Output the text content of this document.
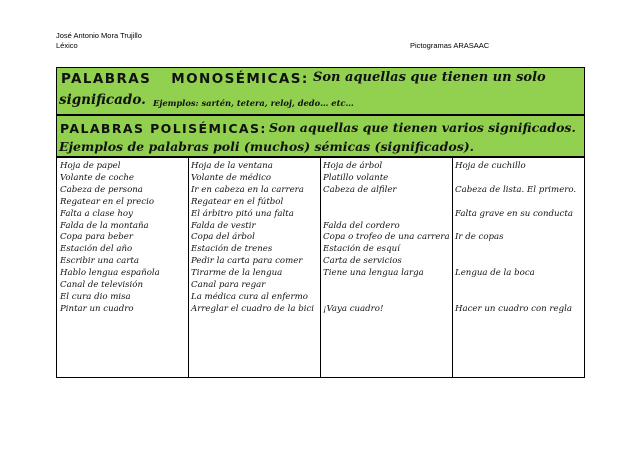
José Antonio Mora Trujillo
Léxico	Pictogramas ARASAAC
PALABRAS MONOSÉMICAS: Son aquellas que tienen un solo
significado. Ejemplos: sartén, tetera, reloj, dedo… etc…
PALABRAS POLISÉMICAS: Son aquellas que tienen varios significados.
Ejemplos de palabras poli (muchos) sémicas (significados).
Hoja de papel
Volante de coche
Cabeza de persona
Regatear en el precio
Falta a clase hoy
Falda de la montaña
Copa para beber
Estación del año
Escribir una carta
Hablo lengua española
Canal de televisión
El cura dio misa
Pintar un cuadro
Hoja de la ventana
Volante de médico
Ir en cabeza en la carrera
Regatear en el fútbol
El árbitro pitó una falta
Falda de vestir
Copa del árbol
Estación de trenes
Pedir la carta para comer
Tirarme de la lengua
Canal para regar
La médica cura al enfermo
Arreglar el cuadro de la bici
Hoja de árbol
Platillo volante
Cabeza de alfiler
Falda del cordero
Copa o trofeo de una carrera
Estación de esquí
Carta de servicios
Tiene una lengua larga
¡Vaya cuadro!
Hoja de cuchillo
Cabeza de lista. El primero.
Falta grave en su conducta
Ir de copas
Lengua de la boca
Hacer un cuadro con regla
